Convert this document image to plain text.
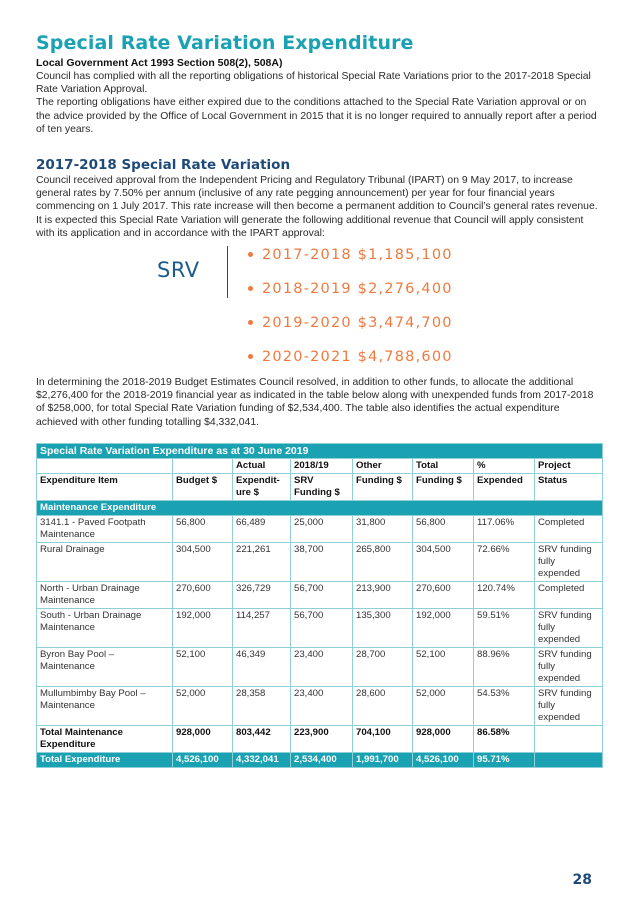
Special Rate Variation Expenditure
Local Government Act 1993 Section 508(2), 508A)

Council has complied with all the reporting obligations of historical Special Rate Variations prior to the 2017-2018 Special Rate Variation Approval.

The reporting obligations have either expired due to the conditions attached to the Special Rate Variation approval or on the advice provided by the Office of Local Government in 2015 that it is no longer required to annually report after a period of ten years.

2017-2018 Special Rate Variation

Council received approval from the Independent Pricing and Regulatory Tribunal (IPART) on 9 May 2017, to increase general rates by 7.50% per annum (inclusive of any rate pegging announcement) per year for four financial years commencing on 1 July 2017. This rate increase will then become a permanent addition to Council’s general rates revenue.

It is expected this Special Rate Variation will generate the following additional revenue that Council will apply consistent with its application and in accordance with the IPART approval:

SRV
2017-2018 $1,185,100
2018-2019 $2,276,400
2019-2020 $3,474,700
2020-2021 $4,788,600

In determining the 2018-2019 Budget Estimates Council resolved, in addition to other funds, to allocate the additional $2,276,400 for the 2018-2019 financial year as indicated in the table below along with unexpended funds from 2017-2018 of $258,000, for total Special Rate Variation funding of $2,534,400. The table also identifies the actual expenditure achieved with other funding totalling $4,332,041.

Special Rate Variation Expenditure as at 30 June 2019							
		Actual	2018/19	Other	Total	%	Project
Expenditure Item	Budget $	Expendit-ure $	SRV Funding $	Funding $	Funding $	Expended	Status
Maintenance Expenditure							
3141.1 - Paved Footpath Maintenance	56,800	66,489	25,000	31,800	56,800	117.06%	Completed
Rural Drainage	304,500	221,261	38,700	265,800	304,500	72.66%	SRV funding fully expended
North - Urban Drainage Maintenance	270,600	326,729	56,700	213,900	270,600	120.74%	Completed
South - Urban Drainage Maintenance	192,000	114,257	56,700	135,300	192,000	59.51%	SRV funding fully expended
Byron Bay Pool – Maintenance	52,100	46,349	23,400	28,700	52,100	88.96%	SRV funding fully expended
Mullumbimby Bay Pool – Maintenance	52,000	28,358	23,400	28,600	52,000	54.53%	SRV funding fully expended
Total Maintenance Expenditure	928,000	803,442	223,900	704,100	928,000	86.58%	
Total Expenditure	4,526,100	4,332,041	2,534,400	1,991,700	4,526,100	95.71%	
28
